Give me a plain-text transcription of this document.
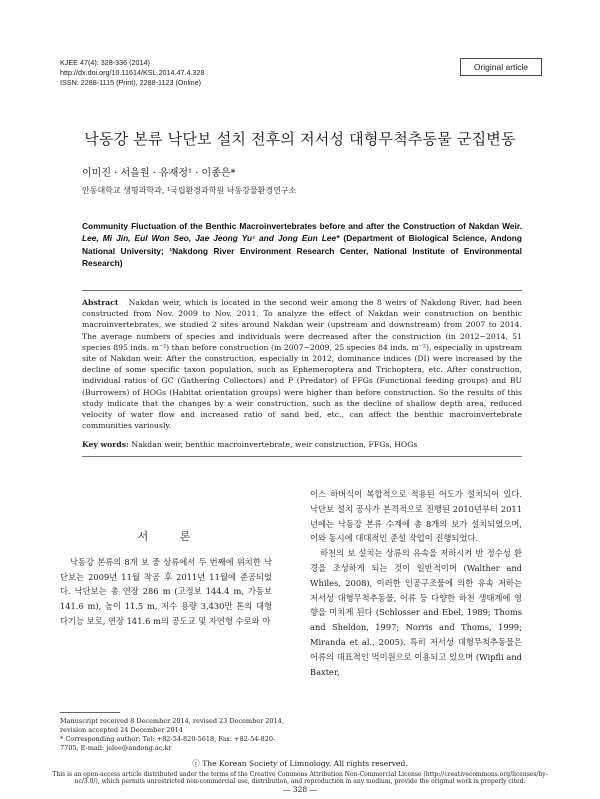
KJEE 47(4): 328-336 (2014)
http://dx.doi.org/10.11614/KSL.2014.47.4.328
ISSN: 2288-1115 (Print), 2288-1123 (Online)
Original article
낙동강 본류 낙단보 설치 전후의 저서성 대형무척추동물 군집변동
이미진 · 서을원 · 유재정¹ · 이종은*
안동대학교 생명과학과, ¹국립환경과학원 낙동강물환경연구소
Community Fluctuation of the Benthic Macroinvertebrates before and after the Construction of Nakdan Weir. Lee, Mi Jin, Eul Won Seo, Jae Jeong Yu¹ and Jong Eun Lee* (Department of Biological Science, Andong National University; ¹Nakdong River Environment Research Center, National Institute of Environmental Research)
Abstract Nakdan weir, which is located in the second weir among the 8 weirs of Nakdong River, had been constructed from Nov. 2009 to Nov. 2011. To analyze the effect of Nakdan weir construction on benthic macroinvertebrates, we studied 2 sites around Nakdan weir (upstream and downstream) from 2007 to 2014. The average numbers of species and individuals were decreased after the construction (in 2012∼2014, 51 species 895 inds. m⁻²) than before construction (in 2007∼2009, 25 species 84 inds. m⁻²), especially in upstream site of Nakdan weir. After the construction, especially in 2012, dominance indices (DI) were increased by the decline of some specific taxon population, such as Ephemeroptera and Trichoptera, etc. After construction, individual ratios of GC (Gathering Collectors) and P (Predator) of FFGs (Functional feeding groups) and BU (Burrowers) of HOGs (Habitat orientation groups) were higher than before construction. So the results of this study indicate that the changes by a weir construction, such as the decline of shallow depth area, reduced velocity of water flow and increased ratio of sand bed, etc., can affect the benthic macroinvertebrate communities variously.
Key words: Nakdan weir, benthic macroinvertebrate, weir construction, FFGs, HOGs
서 론

낙동강 본류의 8개 보 중 상류에서 두 번째에 위치한 낙단보는 2009년 11월 착공 후 2011년 11월에 준공되었다. 낙단보는 총 연장 286 m (고정보 144.4 m, 가동보 141.6 m), 높이 11.5 m, 저수 용량 3,430만 톤의 대형 다기능 보로, 연장 141.6 m의 공도교 및 자연형 수로와 아

이스 하버식이 복합적으로 적용된 어도가 설치되어 있다. 낙단보 설치 공사가 본격적으로 진행된 2010년부터 2011년에는 낙동강 본류 수계에 총 8개의 보가 설치되었으며, 이와 동시에 대대적인 준설 작업이 진행되었다.

하천의 보 설치는 상류의 유속을 저하시켜 반 정수성 환경을 조성하게 되는 것이 일반적이며 (Walther and Whiles, 2008), 이러한 인공구조물에 의한 유속 저하는 저서성 대형무척추동물, 어류 등 다양한 하천 생태계에 영향을 미치게 된다 (Schlosser and Ebel, 1989; Thoms and Sheldon, 1997; Norris and Thoms, 1999; Miranda et al., 2005). 특히 저서성 대형무척추동물은 어류의 대표적인 먹이원으로 이용되고 있으며 (Wipfli and Baxter,

Manuscript received 8 December 2014, revised 23 December 2014, revision accepted 24 December 2014
* Corresponding author: Tel: +82-54-820-5618, Fax: +82-54-820-7705, E-mail: jelee@andong.ac.kr
ⓒ The Korean Society of Limnology. All rights reserved.
This is an open-access article distributed under the terms of the Creative Commons Attribution Non-Commercial License (http://creativecommons.org/licenses/by-nc/3.0/), which permits unrestricted non-commercial use, distribution, and reproduction in any medium, provide the original work is properly cited.
― 328 ―
